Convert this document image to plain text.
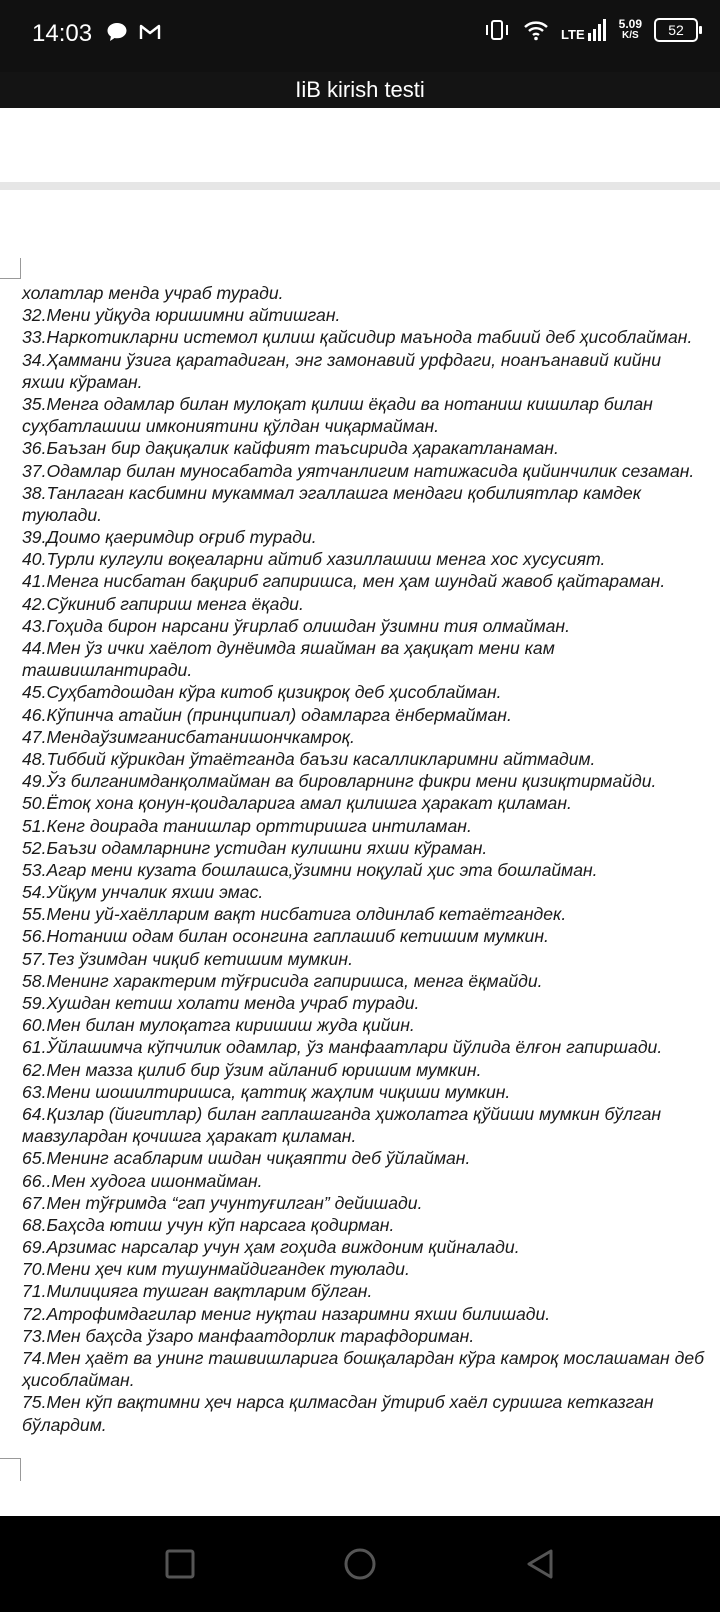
14:03	LTE
5.09
K/S 52
IiB kirish testi
холатлар менда учраб туради.
32.Мени уйқуда юришимни айтишган.
33.Наркотикларни истемол қилиш қайсидир маънода табиий деб ҳисоблайман.
34.Ҳаммани ўзига қаратадиган, энг замонавий урфдаги, ноанъанавий кийни
яхши кўраман.
35.Менга одамлар билан мулоқат қилиш ёқади ва нотаниш кишилар билан
суҳбатлашиш имкониятини қўлдан чиқармайман.
36.Баъзан бир дақиқалик кайфият таъсирида ҳаракатланаман.
37.Одамлар билан муносабатда уятчанлигим натижасида қийинчилик сезаман.
38.Танлаган касбимни мукаммал эгаллашга мендаги қобилиятлар камдек
туюлади.
39.Доимо қаеримдир оғриб туради.
40.Турли кулгули воқеаларни айтиб хазиллашиш менга хос хусусият.
41.Менга нисбатан бақириб гапиришса, мен ҳам шундай жавоб қайтараман.
42.Сўкиниб гапириш менга ёқади.
43.Гоҳида бирон нарсани ўғирлаб олишдан ўзимни тия олмайман.
44.Мен ўз ички хаёлот дунёимда яшайман ва ҳақиқат мени кам
ташвишлантиради.
45.Суҳбатдошдан кўра китоб қизиқроқ деб ҳисоблайман.
46.Кўпинча атайин (принципиал) одамларга ёнбермайман.
47.Мендаўзимганисбатанишончкамроқ.
48.Тиббий кўрикдан ўтаётганда баъзи касалликларимни айтмадим.
49.Ўз билганимданқолмайман ва бировларнинг фикри мени қизиқтирмайди.
50.Ётоқ хона қонун-қоидаларига амал қилишга ҳаракат қиламан.
51.Кенг доирада танишлар орттиришга интиламан.
52.Баъзи одамларнинг устидан кулишни яхши кўраман.
53.Агар мени кузата бошлашса,ўзимни ноқулай ҳис эта бошлайман.
54.Уйқум унчалик яхши эмас.
55.Мени уй-хаёлларим вақт нисбатига олдинлаб кетаётгандек.
56.Нотаниш одам билан осонгина гаплашиб кетишим мумкин.
57.Тез ўзимдан чиқиб кетишим мумкин.
58.Менинг характерим тўғрисида гапиришса, менга ёқмайди.
59.Хушдан кетиш холати менда учраб туради.
60.Мен билан мулоқатга киришиш жуда қийин.
61.Ўйлашимча кўпчилик одамлар, ўз манфаатлари йўлида ёлғон гапиршади.
62.Мен мазза қилиб бир ўзим айланиб юришим мумкин.
63.Мени шошилтиришса, қаттиқ жаҳлим чиқиши мумкин.
64.Қизлар (йигитлар) билан гаплашганда ҳижолатга қўйиши мумкин бўлган
мавзулардан қочишга ҳаракат қиламан.
65.Менинг асабларим ишдан чиқаяпти деб ўйлайман.
66..Мен худога ишонмайман.
67.Мен тўғримда “гап учунтуғилган” дейишади.
68.Баҳсда ютиш учун кўп нарсага қодирман.
69.Арзимас нарсалар учун ҳам гоҳида виждоним қийналади.
70.Мени ҳеч ким тушунмайдигандек туюлади.
71.Милицияга тушган вақтларим бўлган.
72.Атрофимдагилар мениг нуқтаи назаримни яхши билишади.
73.Мен баҳсда ўзаро манфаатдорлик тарафдориман.
74.Мен ҳаёт ва унинг ташвишларига бошқалардан кўра камроқ мослашаман деб
ҳисоблайман.
75.Мен кўп вақтимни ҳеч нарса қилмасдан ўтириб хаёл суришга кетказган
бўлардим.
